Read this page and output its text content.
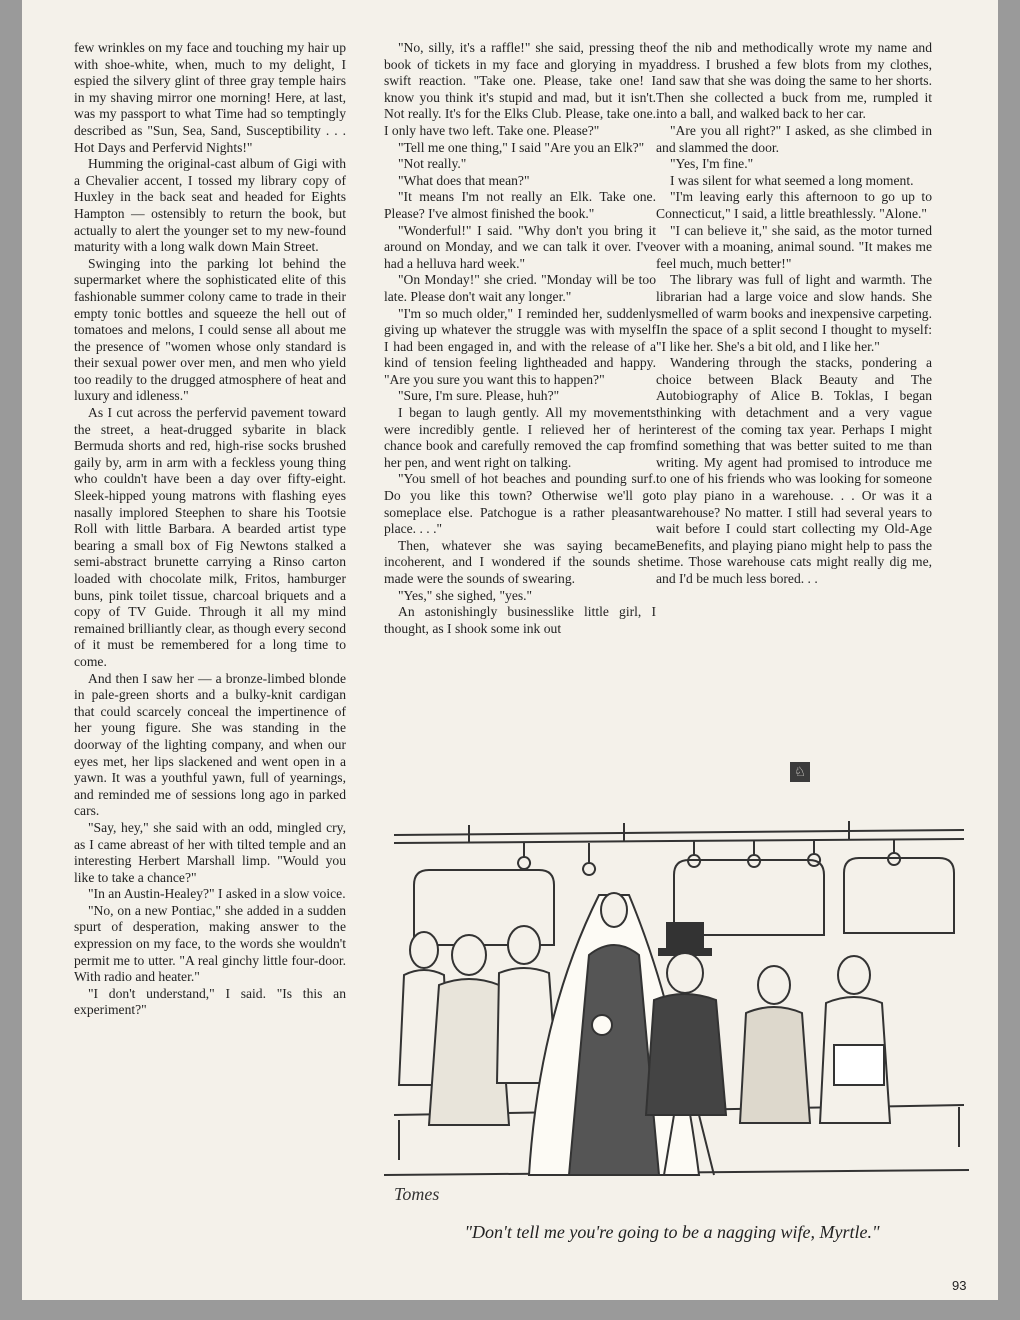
few wrinkles on my face and touching my hair up with shoe-white, when, much to my delight, I espied the silvery glint of three gray temple hairs in my shaving mirror one morning! Here, at last, was my passport to what Time had so temptingly described as "Sun, Sea, Sand, Susceptibility . . . Hot Days and Perfervid Nights!"

Humming the original-cast album of Gigi with a Chevalier accent, I tossed my library copy of Huxley in the back seat and headed for Eights Hampton — ostensibly to return the book, but actually to alert the younger set to my new-found maturity with a long walk down Main Street.

Swinging into the parking lot behind the supermarket where the sophisticated elite of this fashionable summer colony came to trade in their empty tonic bottles and squeeze the hell out of tomatoes and melons, I could sense all about me the presence of "women whose only standard is their sexual power over men, and men who yield too readily to the drugged atmosphere of heat and luxury and idleness."

As I cut across the perfervid pavement toward the street, a heat-drugged sybarite in black Bermuda shorts and red, high-rise socks brushed gaily by, arm in arm with a feckless young thing who couldn't have been a day over fifty-eight. Sleek-hipped young matrons with flashing eyes nasally implored Steephen to share his Tootsie Roll with little Barbara. A bearded artist type bearing a small box of Fig Newtons stalked a semi-abstract brunette carrying a Rinso carton loaded with chocolate milk, Fritos, hamburger buns, pink toilet tissue, charcoal briquets and a copy of TV Guide. Through it all my mind remained brilliantly clear, as though every second of it must be remembered for a long time to come.

And then I saw her — a bronze-limbed blonde in pale-green shorts and a bulky-knit cardigan that could scarcely conceal the impertinence of her young figure. She was standing in the doorway of the lighting company, and when our eyes met, her lips slackened and went open in a yawn. It was a youthful yawn, full of yearnings, and reminded me of sessions long ago in parked cars.

"Say, hey," she said with an odd, mingled cry, as I came abreast of her with tilted temple and an interesting Herbert Marshall limp. "Would you like to take a chance?"

"In an Austin-Healey?" I asked in a slow voice.

"No, on a new Pontiac," she added in a sudden spurt of desperation, making answer to the expression on my face, to the words she wouldn't permit me to utter. "A real ginchy little four-door. With radio and heater."

"I don't understand," I said. "Is this an experiment?"

"No, silly, it's a raffle!" she said, pressing the book of tickets in my face and glorying in my swift reaction. "Take one. Please, take one! I know you think it's stupid and mad, but it isn't. Not really. It's for the Elks Club. Please, take one. I only have two left. Take one. Please?"

"Tell me one thing," I said "Are you an Elk?"

"Not really."

"What does that mean?"

"It means I'm not really an Elk. Take one. Please? I've almost finished the book."

"Wonderful!" I said. "Why don't you bring it around on Monday, and we can talk it over. I've had a helluva hard week."

"On Monday!" she cried. "Monday will be too late. Please don't wait any longer."

"I'm so much older," I reminded her, suddenly giving up whatever the struggle was with myself I had been engaged in, and with the release of a kind of tension feeling lightheaded and happy. "Are you sure you want this to happen?"

"Sure, I'm sure. Please, huh?"

I began to laugh gently. All my movements were incredibly gentle. I relieved her of her chance book and carefully removed the cap from her pen, and went right on talking.

"You smell of hot beaches and pounding surf. Do you like this town? Otherwise we'll go someplace else. Patchogue is a rather pleasant place. . . ."

Then, whatever she was saying became incoherent, and I wondered if the sounds she made were the sounds of swearing.

"Yes," she sighed, "yes."

An astonishingly businesslike little girl, I thought, as I shook some ink out

of the nib and methodically wrote my name and address. I brushed a few blots from my clothes, and saw that she was doing the same to her shorts. Then she collected a buck from me, rumpled it into a ball, and walked back to her car.

"Are you all right?" I asked, as she climbed in and slammed the door.

"Yes, I'm fine."

I was silent for what seemed a long moment.

"I'm leaving early this afternoon to go up to Connecticut," I said, a little breathlessly. "Alone."

"I can believe it," she said, as the motor turned over with a moaning, animal sound. "It makes me feel much, much better!"

The library was full of light and warmth. The librarian had a large voice and slow hands. She smelled of warm books and inexpensive carpeting. In the space of a split second I thought to myself: "I like her. She's a bit old, and I like her."

Wandering through the stacks, pondering a choice between Black Beauty and The Autobiography of Alice B. Toklas, I began thinking with detachment and a very vague interest of the coming tax year. Perhaps I might find something that was better suited to me than writing. My agent had promised to introduce me to one of his friends who was looking for someone to play piano in a warehouse. . . Or was it a warehouse? No matter. I still had several years to wait before I could start collecting my Old-Age Benefits, and playing piano might help to pass the time. Those warehouse cats might really dig me, and I'd be much less bored. . .

♘
Tomes
"Don't tell me you're going to be a nagging wife, Myrtle."
93
